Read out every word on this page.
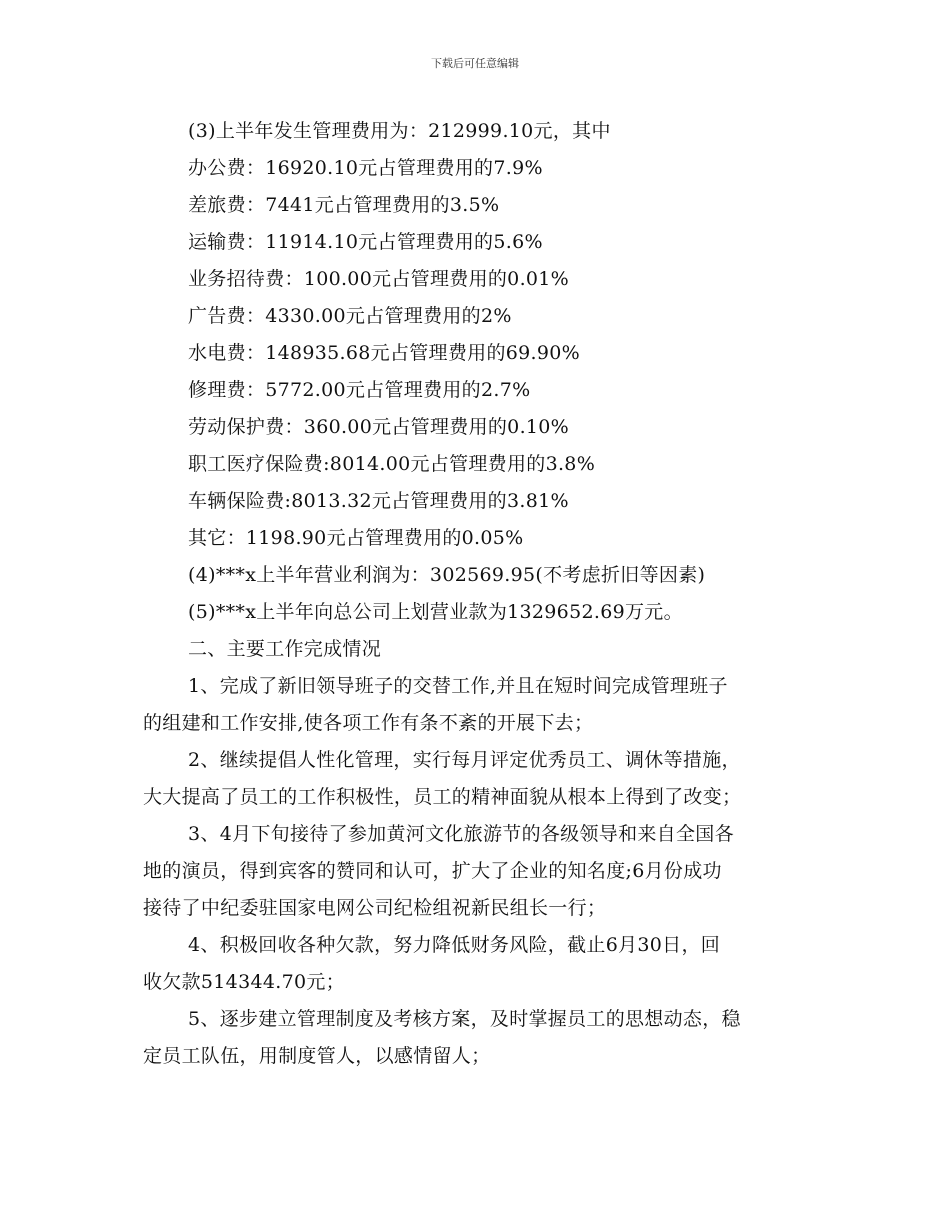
下载后可任意编辑
(3)上半年发生管理费用为：212999.10元，其中
办公费：16920.10元占管理费用的7.9%
差旅费：7441元占管理费用的3.5%
运输费：11914.10元占管理费用的5.6%
业务招待费：100.00元占管理费用的0.01%
广告费：4330.00元占管理费用的2%
水电费：148935.68元占管理费用的69.90%
修理费：5772.00元占管理费用的2.7%
劳动保护费：360.00元占管理费用的0.10%
职工医疗保险费:8014.00元占管理费用的3.8%
车辆保险费:8013.32元占管理费用的3.81%
其它：1198.90元占管理费用的0.05%
(4)***x上半年营业利润为：302569.95(不考虑折旧等因素)
(5)***x上半年向总公司上划营业款为1329652.69万元。
二、主要工作完成情况
1、完成了新旧领导班子的交替工作,并且在短时间完成管理班子
的组建和工作安排,使各项工作有条不紊的开展下去；
2、继续提倡人性化管理，实行每月评定优秀员工、调休等措施，
大大提高了员工的工作积极性，员工的精神面貌从根本上得到了改变；
3、4月下旬接待了参加黄河文化旅游节的各级领导和来自全国各
地的演员，得到宾客的赞同和认可，扩大了企业的知名度;6月份成功
接待了中纪委驻国家电网公司纪检组祝新民组长一行；
4、积极回收各种欠款，努力降低财务风险，截止6月30日，回
收欠款514344.70元；
5、逐步建立管理制度及考核方案，及时掌握员工的思想动态，稳
定员工队伍，用制度管人，以感情留人；
